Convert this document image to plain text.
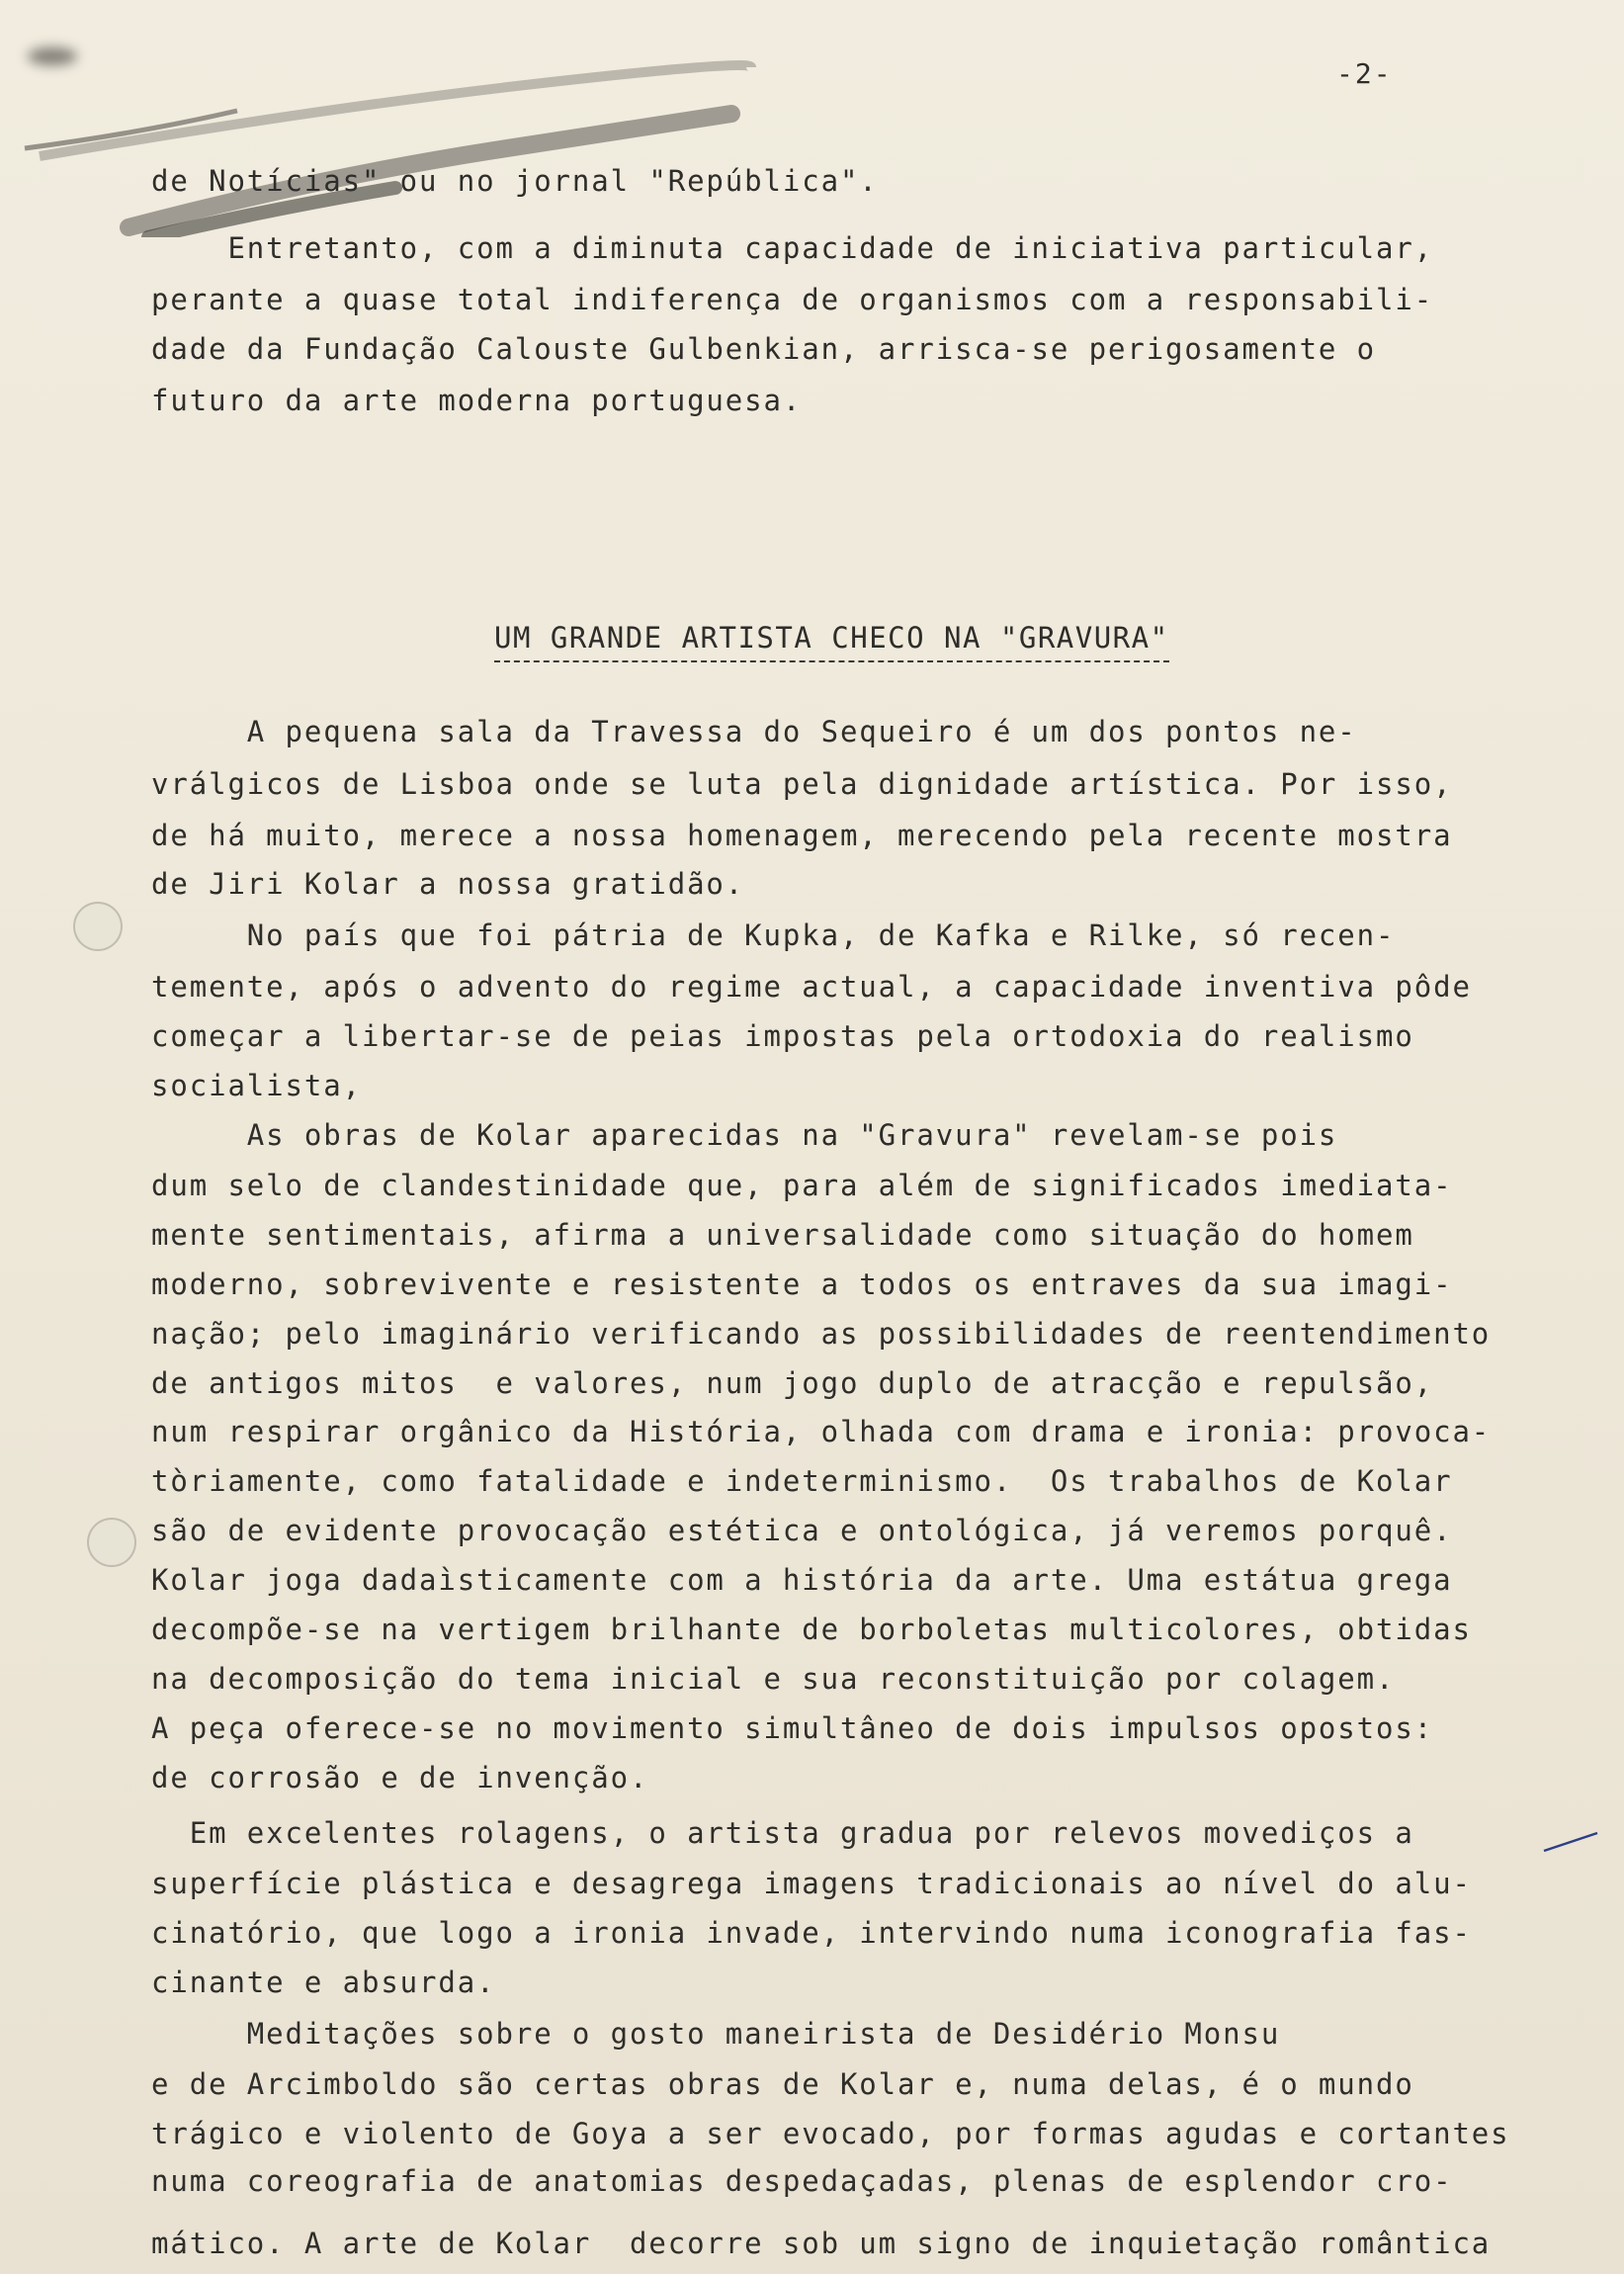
-2-
de Notícias" ou no jornal "República".
Entretanto, com a diminuta capacidade de iniciativa particular,
perante a quase total indiferença de organismos com a responsabili-
dade da Fundação Calouste Gulbenkian, arrisca-se perigosamente o
futuro da arte moderna portuguesa.
UM GRANDE ARTISTA CHECO NA "GRAVURA"
A pequena sala da Travessa do Sequeiro é um dos pontos ne-
vrálgicos de Lisboa onde se luta pela dignidade artística. Por isso,
de há muito, merece a nossa homenagem, merecendo pela recente mostra
de Jiri Kolar a nossa gratidão.
No país que foi pátria de Kupka, de Kafka e Rilke, só recen-
temente, após o advento do regime actual, a capacidade inventiva pôde
começar a libertar-se de peias impostas pela ortodoxia do realismo
socialista,
As obras de Kolar aparecidas na "Gravura" revelam-se pois
dum selo de clandestinidade que, para além de significados imediata-
mente sentimentais, afirma a universalidade como situação do homem
moderno, sobrevivente e resistente a todos os entraves da sua imagi-
nação; pelo imaginário verificando as possibilidades de reentendimento
de antigos mitos  e valores, num jogo duplo de atracção e repulsão,
num respirar orgânico da História, olhada com drama e ironia: provoca-
tòriamente, como fatalidade e indeterminismo.  Os trabalhos de Kolar
são de evidente provocação estética e ontológica, já veremos porquê.
Kolar joga dadaìsticamente com a história da arte. Uma estátua grega
decompõe-se na vertigem brilhante de borboletas multicolores, obtidas
na decomposição do tema inicial e sua reconstituição por colagem.
A peça oferece-se no movimento simultâneo de dois impulsos opostos:
de corrosão e de invenção.
Em excelentes rolagens, o artista gradua por relevos movediços a
superfície plástica e desagrega imagens tradicionais ao nível do alu-
cinatório, que logo a ironia invade, intervindo numa iconografia fas-
cinante e absurda.
Meditações sobre o gosto maneirista de Desidério Monsu
e de Arcimboldo são certas obras de Kolar e, numa delas, é o mundo
trágico e violento de Goya a ser evocado, por formas agudas e cortantes
numa coreografia de anatomias despedaçadas, plenas de esplendor cro-
mático. A arte de Kolar  decorre sob um signo de inquietação romântica
